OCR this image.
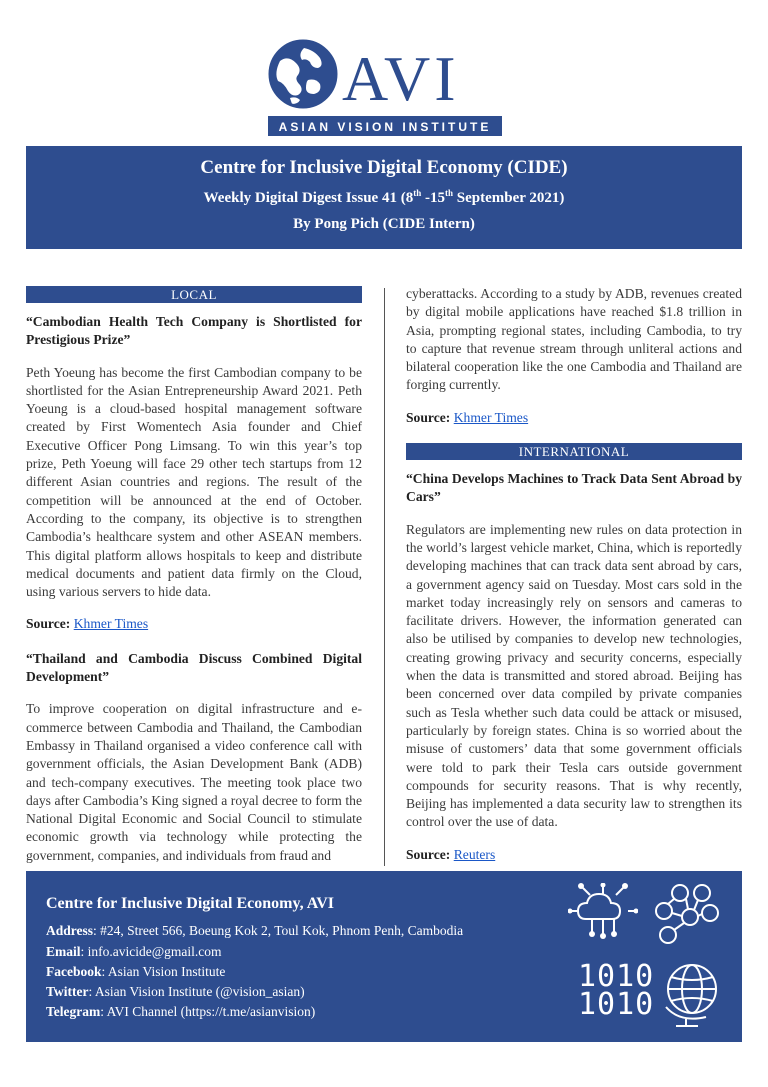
AVI
ASIAN VISION INSTITUTE
Centre for Inclusive Digital Economy (CIDE)
Weekly Digital Digest Issue 41 (8th -15th September 2021)
By Pong Pich (CIDE Intern)
LOCAL

“Cambodian Health Tech Company is Shortlisted for Prestigious Prize”

Peth Yoeung has become the first Cambodian company to be shortlisted for the Asian Entrepreneurship Award 2021. Peth Yoeung is a cloud-based hospital management software created by First Womentech Asia founder and Chief Executive Officer Pong Limsang. To win this year’s top prize, Peth Yoeung will face 29 other tech startups from 12 different Asian countries and regions. The result of the competition will be announced at the end of October. According to the company, its objective is to strengthen Cambodia’s healthcare system and other ASEAN members. This digital platform allows hospitals to keep and distribute medical documents and patient data firmly on the Cloud, using various servers to hide data.

Source: Khmer Times

“Thailand and Cambodia Discuss Combined Digital Development”

To improve cooperation on digital infrastructure and e-commerce between Cambodia and Thailand, the Cambodian Embassy in Thailand organised a video conference call with government officials, the Asian Development Bank (ADB) and tech-company executives. The meeting took place two days after Cambodia’s King signed a royal decree to form the National Digital Economic and Social Council to stimulate economic growth via technology while protecting the government, companies, and individuals from fraud and

cyberattacks. According to a study by ADB, revenues created by digital mobile applications have reached $1.8 trillion in Asia, prompting regional states, including Cambodia, to try to capture that revenue stream through unliteral actions and bilateral cooperation like the one Cambodia and Thailand are forging currently.

Source: Khmer Times

INTERNATIONAL

“China Develops Machines to Track Data Sent Abroad by Cars”

Regulators are implementing new rules on data protection in the world’s largest vehicle market, China, which is reportedly developing machines that can track data sent abroad by cars, a government agency said on Tuesday. Most cars sold in the market today increasingly rely on sensors and cameras to facilitate drivers. However, the information generated can also be utilised by companies to develop new technologies, creating growing privacy and security concerns, especially when the data is transmitted and stored abroad. Beijing has been concerned over data compiled by private companies such as Tesla whether such data could be attack or misused, particularly by foreign states. China is so worried about the misuse of customers’ data that some government officials were told to park their Tesla cars outside government compounds for security reasons. That is why recently, Beijing has implemented a data security law to strengthen its control over the use of data.

Source: Reuters

Centre for Inclusive Digital Economy, AVI
Address: #24, Street 566, Boeung Kok 2, Toul Kok, Phnom Penh, Cambodia
Email: info.avicide@gmail.com
Facebook: Asian Vision Institute
Twitter: Asian Vision Institute (@vision_asian)
Telegram: AVI Channel (https://t.me/asianvision)
1010
1010
